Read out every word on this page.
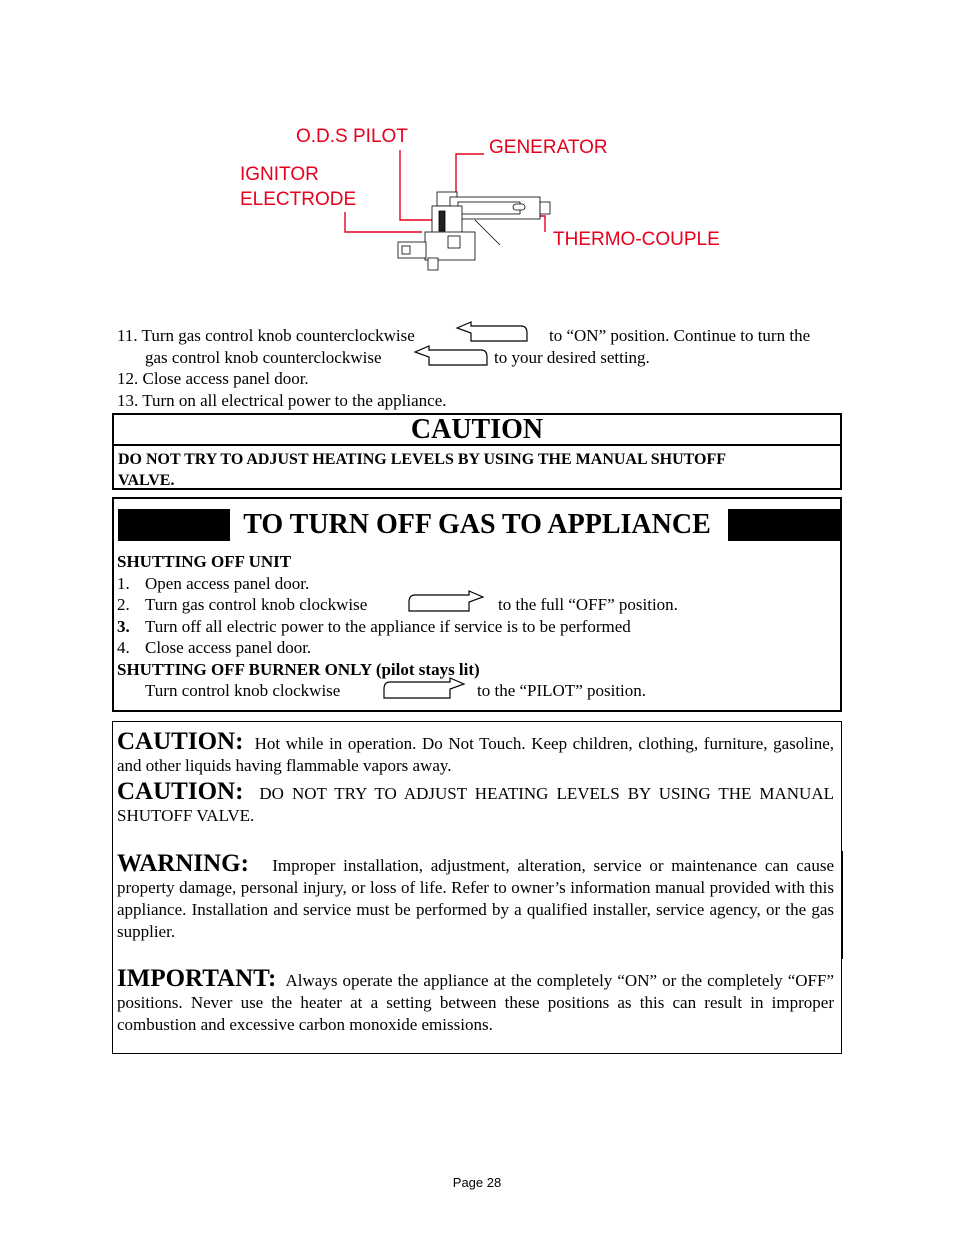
O.D.S PILOT
GENERATOR
IGNITOR
ELECTRODE
THERMO-COUPLE
11. Turn gas control knob counterclockwise	to “ON” position. Continue to turn the
gas control knob counterclockwise	to your desired setting.
12. Close access panel door.
13. Turn on all electrical power to the appliance.
CAUTION
DO NOT TRY TO ADJUST HEATING LEVELS BY USING THE MANUAL SHUTOFF
VALVE.
TO TURN OFF GAS TO APPLIANCE
SHUTTING OFF UNIT
1. Open access panel door.
2. Turn gas control knob clockwise	to the full “OFF” position.
3. Turn off all electric power to the appliance if service is to be performed
4. Close access panel door.
SHUTTING OFF BURNER ONLY (pilot stays lit)
Turn control knob clockwise	to the “PILOT” position.
CAUTION: Hot while in operation. Do Not Touch. Keep children, clothing, furniture, gasoline, and other liquids having flammable vapors away.
CAUTION: DO NOT TRY TO ADJUST HEATING LEVELS BY USING THE MANUAL SHUTOFF VALVE.
WARNING: Improper installation, adjustment, alteration, service or maintenance can cause property damage, personal injury, or loss of life. Refer to owner’s information manual provided with this appliance. Installation and service must be performed by a qualified installer, service agency, or the gas supplier.
IMPORTANT: Always operate the appliance at the completely “ON” or the completely “OFF” positions. Never use the heater at a setting between these positions as this can result in improper combustion and excessive carbon monoxide emissions.
Page 28
